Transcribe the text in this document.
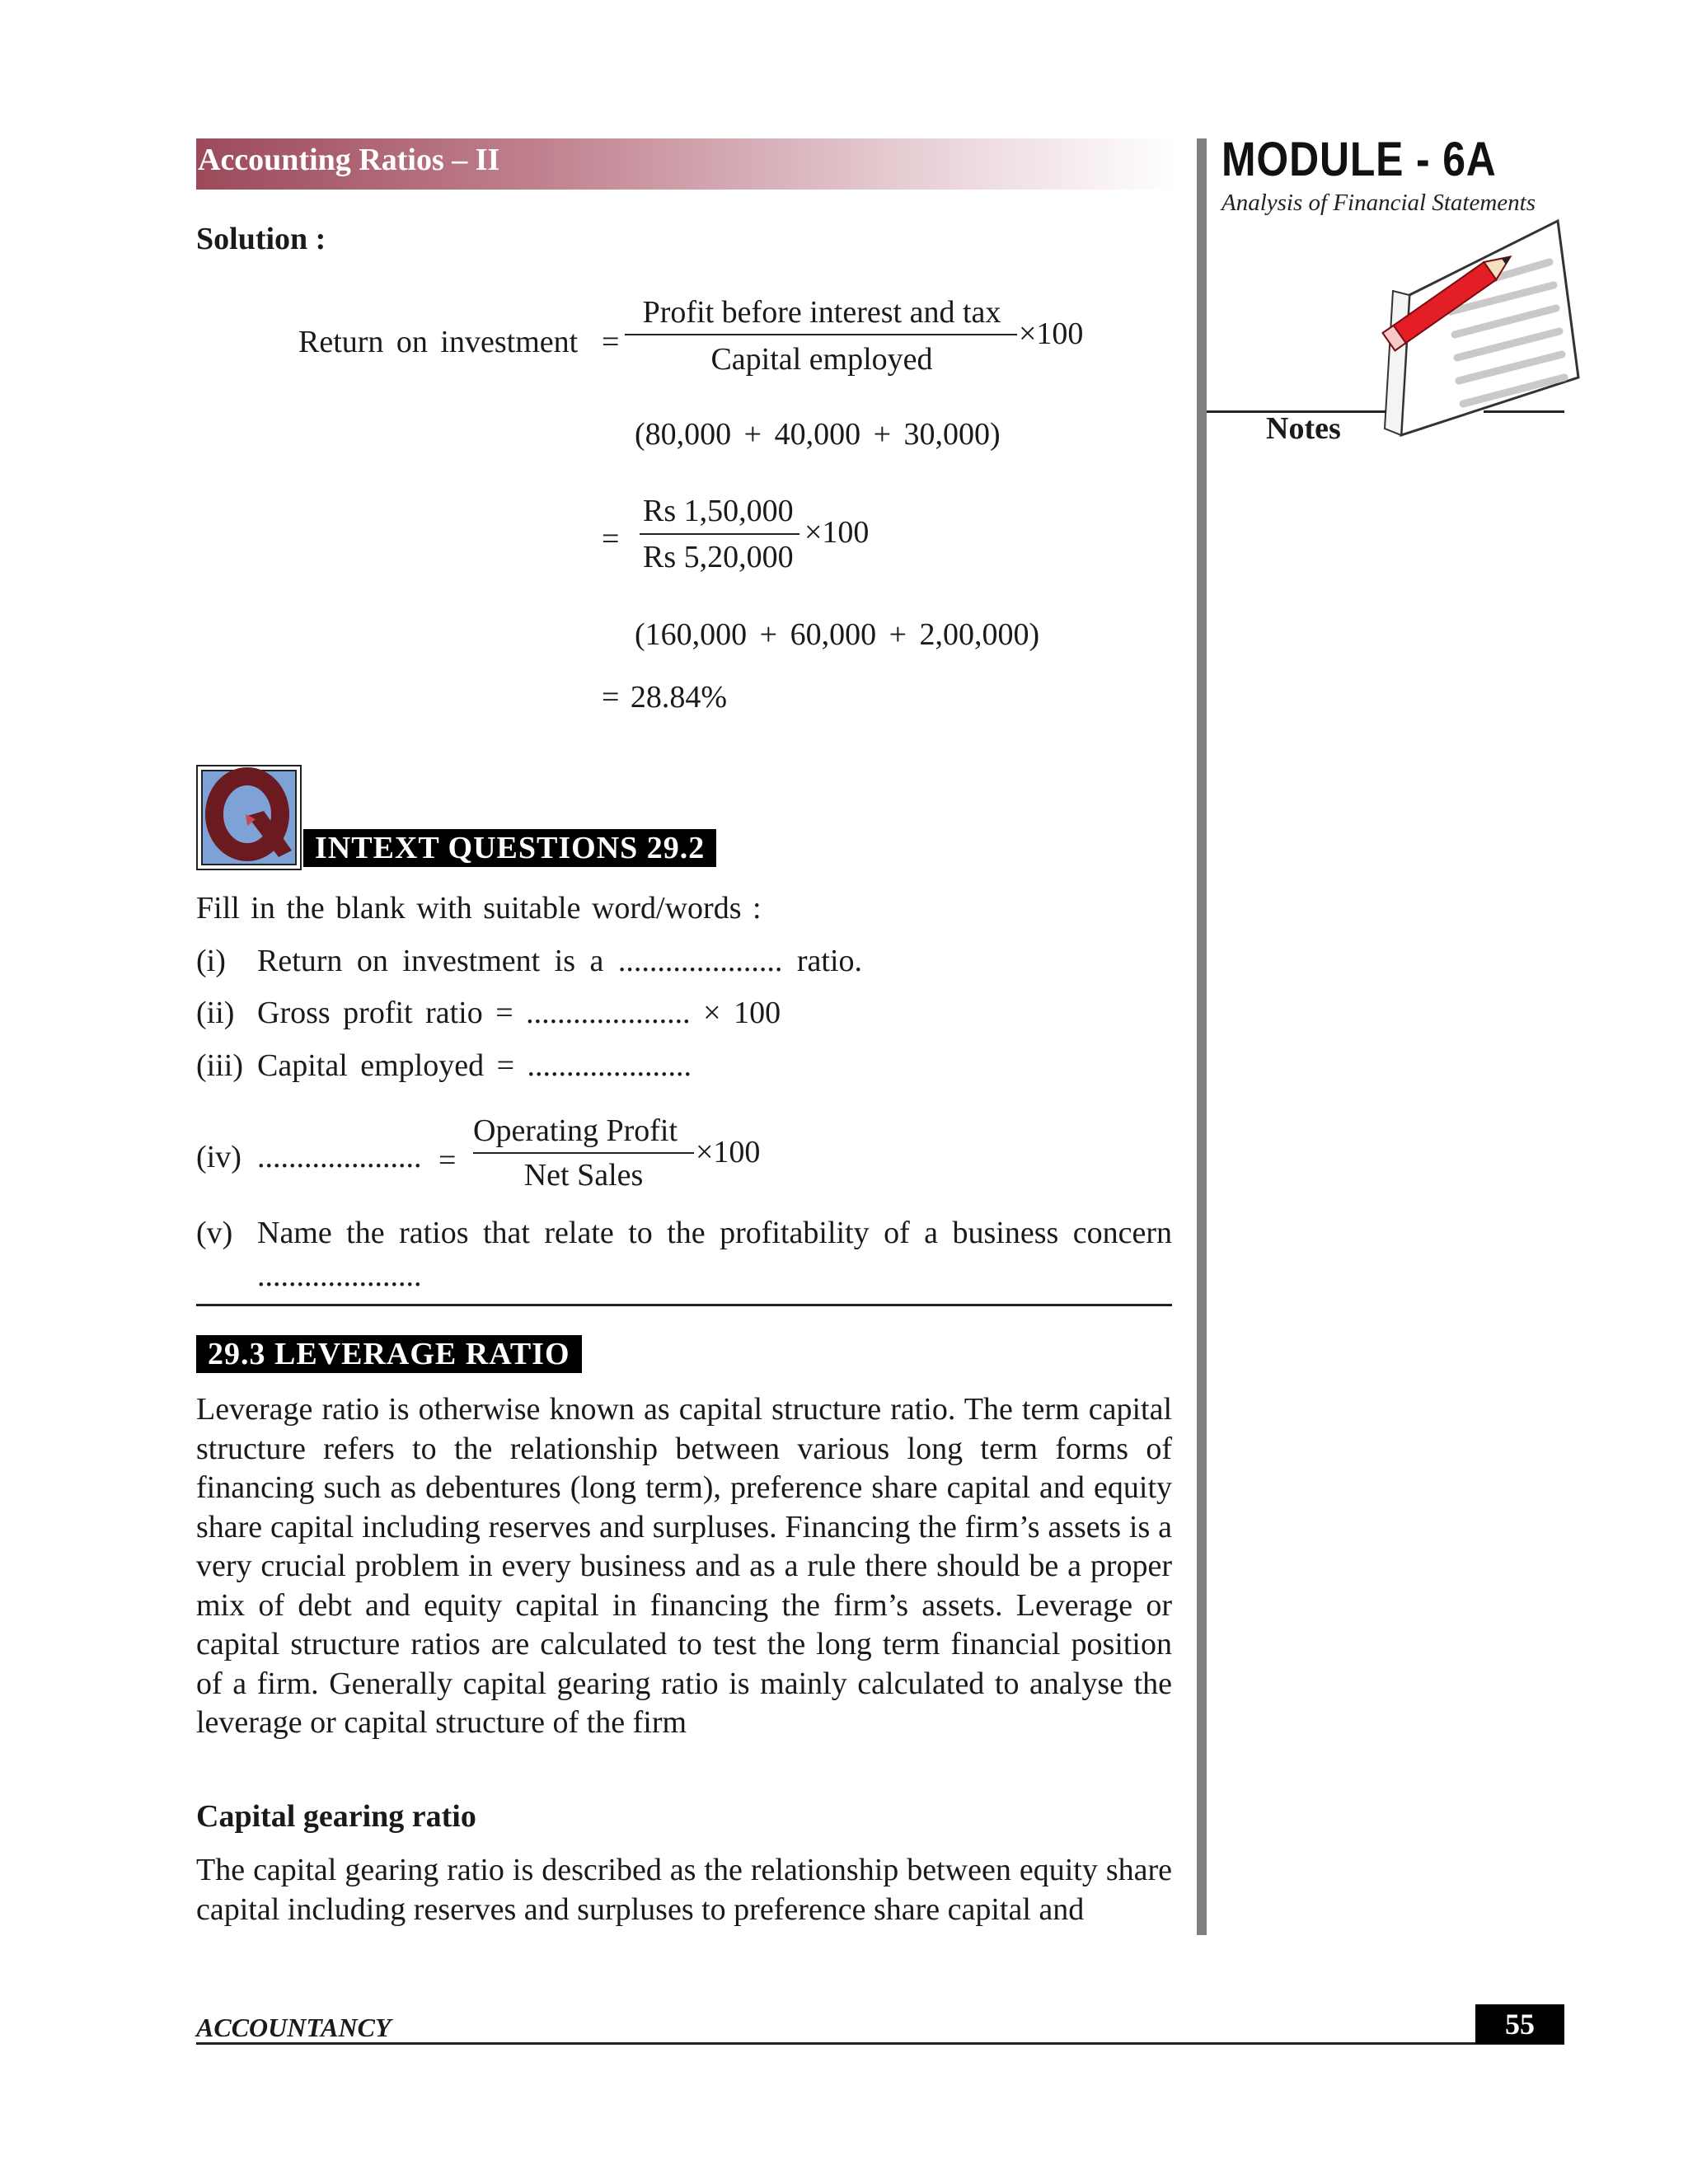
Accounting Ratios – II	MODULE - 6A
Analysis of Financial Statements
Notes
Solution :
Return on investment =
Profit before interest and tax
Capital employed
×100
(80,000 + 40,000 + 30,000)
=
Rs 1,50,000
Rs 5,20,000
×100
(160,000 + 60,000 + 2,00,000)
= 28.84%
INTEXT QUESTIONS 29.2
Fill in the blank with suitable word/words :
(i) Return on investment is a ..................... ratio.
(ii) Gross profit ratio = ..................... × 100
(iii) Capital employed = .....................
(iv) ..................... =
Operating Profit
Net Sales
×100
(v) Name the ratios that relate to the profitability of a business concern
.....................
29.3 LEVERAGE RATIO
Leverage ratio is otherwise known as capital structure ratio. The term capital structure refers to the relationship between various long term forms of financing such as debentures (long term), preference share capital and equity share capital including reserves and surpluses. Financing the firm’s assets is a very crucial problem in every business and as a rule there should be a proper mix of debt and equity capital in financing the firm’s assets. Leverage or capital structure ratios are calculated to test the long term financial position of a firm. Generally capital gearing ratio is mainly calculated to analyse the leverage or capital structure of the firm
Capital gearing ratio
The capital gearing ratio is described as the relationship between equity share capital including reserves and surpluses to preference share capital and
ACCOUNTANCY	55
